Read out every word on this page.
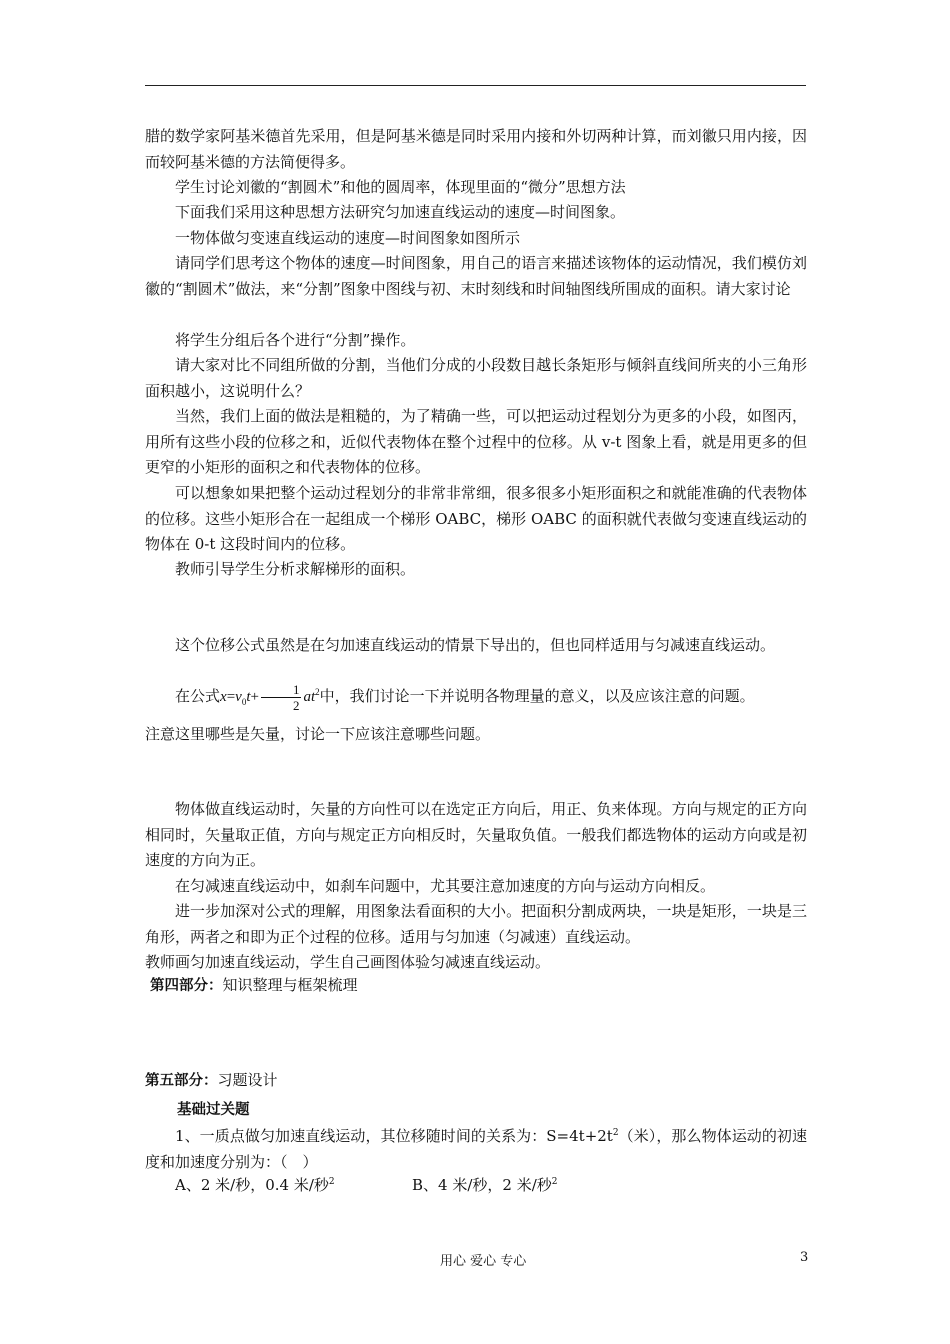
腊的数学家阿基米德首先采用，但是阿基米德是同时采用内接和外切两种计算，而刘徽只用内接，因而较阿基米德的方法简便得多。

学生讨论刘徽的“割圆术”和他的圆周率，体现里面的“微分”思想方法

下面我们采用这种思想方法研究匀加速直线运动的速度—时间图象。

一物体做匀变速直线运动的速度—时间图象如图所示

请同学们思考这个物体的速度—时间图象，用自己的语言来描述该物体的运动情况，我们模仿刘徽的“割圆术”做法，来“分割”图象中图线与初、末时刻线和时间轴图线所围成的面积。请大家讨论

将学生分组后各个进行“分割”操作。

请大家对比不同组所做的分割，当他们分成的小段数目越长条矩形与倾斜直线间所夹的小三角形面积越小，这说明什么？

当然，我们上面的做法是粗糙的，为了精确一些，可以把运动过程划分为更多的小段，如图丙，用所有这些小段的位移之和，近似代表物体在整个过程中的位移。从 v-t 图象上看，就是用更多的但更窄的小矩形的面积之和代表物体的位移。

可以想象如果把整个运动过程划分的非常非常细，很多很多小矩形面积之和就能准确的代表物体的位移。这些小矩形合在一起组成一个梯形 OABC，梯形 OABC 的面积就代表做匀变速直线运动的物体在 0-t 这段时间内的位移。

教师引导学生分析求解梯形的面积。

这个位移公式虽然是在匀加速直线运动的情景下导出的，但也同样适用与匀减速直线运动。

在公式$x=v_0t+ \frac{1}{2} at^2$中，我们讨论一下并说明各物理量的意义，以及应该注意的问题。

注意这里哪些是矢量，讨论一下应该注意哪些问题。

物体做直线运动时，矢量的方向性可以在选定正方向后，用正、负来体现。方向与规定的正方向相同时，矢量取正值，方向与规定正方向相反时，矢量取负值。一般我们都选物体的运动方向或是初速度的方向为正。

在匀减速直线运动中，如刹车问题中，尤其要注意加速度的方向与运动方向相反。

进一步加深对公式的理解，用图象法看面积的大小。把面积分割成两块，一块是矩形，一块是三角形，两者之和即为正个过程的位移。适用与匀加速（匀减速）直线运动。

教师画匀加速直线运动，学生自己画图体验匀减速直线运动。

第四部分：知识整理与框架梳理
第五部分：习题设计
基础过关题
1、一质点做匀加速直线运动，其位移随时间的关系为：$S=4t+2t^2$（米），那么物体运动的初速度和加速度分别为：（　）
A、2 米/秒，0.4 米/秒$^2$	B、4 米/秒，2 米/秒$^2$
用心 爱心 专心	3
